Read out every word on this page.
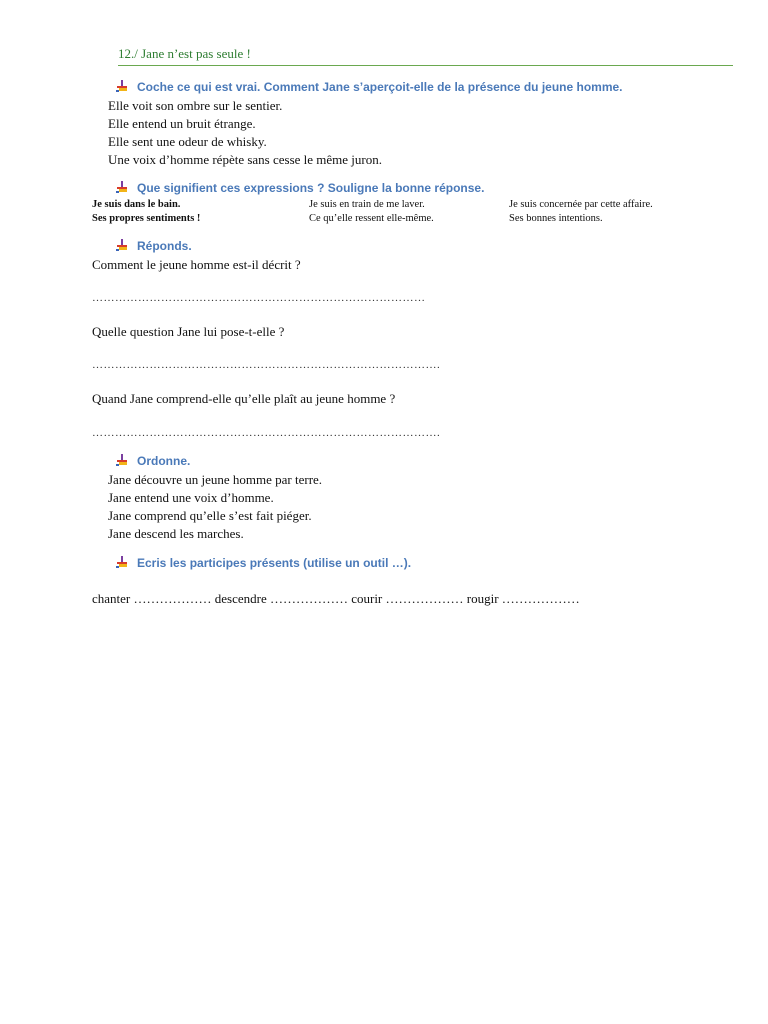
12./ Jane n’est pas seule !
Coche ce qui est vrai. Comment Jane s’aperçoit-elle de la présence du jeune homme.
Elle voit son ombre sur le sentier.
Elle entend un bruit étrange.
Elle sent une odeur de whisky.
Une voix d’homme répète sans cesse le même juron.
Que signifient ces expressions ? Souligne la bonne réponse.
Je suis dans le bain.	Je suis en train de me laver.	Je suis concernée par cette affaire.
Ses propres sentiments !	Ce qu’elle ressent elle-même.	Ses bonnes intentions.
Réponds.
Comment le jeune homme est-il décrit ?
……………………………………………………………………………
Quelle question Jane lui pose-t-elle ?
……………………………………………………………………………….
Quand Jane comprend-elle qu’elle plaît au jeune homme ?
……………………………………………………………………………….
Ordonne.
Jane découvre un jeune homme par terre.
Jane entend une voix d’homme.
Jane comprend qu’elle s’est fait piéger.
Jane descend les marches.
Ecris les participes présents (utilise un outil …).
chanter ……………… descendre ……………… courir ……………… rougir ………………
